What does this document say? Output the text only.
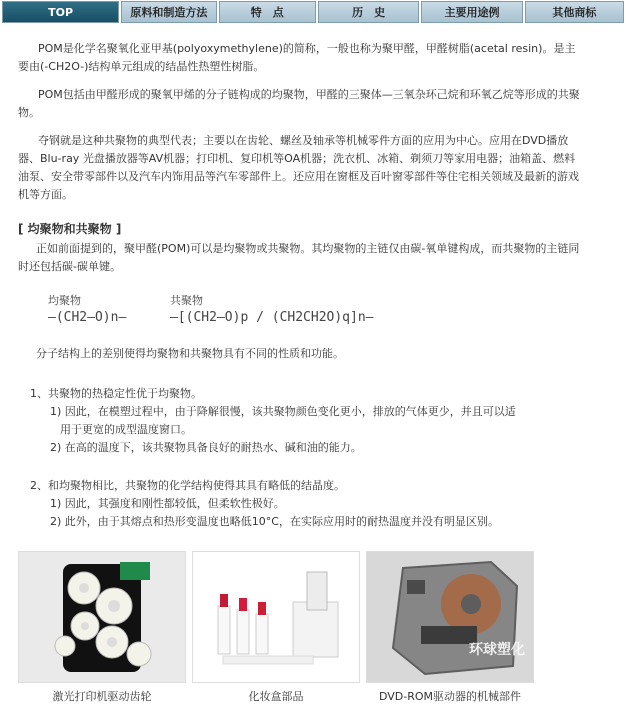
TOP	原料和制造方法	特　点	历　史	主要用途例	其他商标

POM是化学名聚氧化亚甲基(polyoxymethylene)的简称，一般也称为聚甲醛，甲醛树脂(acetal resin)。是主要由(-CH2O-)结构单元组成的结晶性热塑性树脂。

POM包括由甲醛形成的聚氧甲烯的分子链构成的均聚物，甲醛的三聚体—三氧杂环己烷和环氧乙烷等形成的共聚物。

夺钢就是这种共聚物的典型代表；主要以在齿轮、螺丝及轴承等机械零件方面的应用为中心。应用在DVD播放器、Blu-ray 光盘播放器等AV机器；打印机、复印机等OA机器；洗衣机、冰箱、剃须刀等家用电器；油箱盖、燃料油泵、安全带零部件以及汽车内饰用品等汽车零部件上。还应用在窗框及百叶窗零部件等住宅相关领域及最新的游戏机等方面。

[ 均聚物和共聚物 ]

正如前面提到的，聚甲醛(POM)可以是均聚物或共聚物。其均聚物的主链仅由碳-氧单键构成，而共聚物的主链同时还包括碳-碳单键。

均聚物	共聚物
—(CH2—O)n—	—[(CH2—O)p / (CH2CH2O)q]n—
分子结构上的差别使得均聚物和共聚物具有不同的性质和功能。
1、共聚物的热稳定性优于均聚物。
1) 因此，在模塑过程中，由于降解很慢，该共聚物颜色变化更小，排放的气体更少，并且可以适
用于更宽的成型温度窗口。
2) 在高的温度下，该共聚物具备良好的耐热水、碱和油的能力。
2、和均聚物相比，共聚物的化学结构使得其具有略低的结晶度。
1) 因此，其强度和刚性都较低，但柔软性极好。
2) 此外，由于其熔点和热形变温度也略低10°C，在实际应用时的耐热温度并没有明显区别。
激光打印机驱动齿轮	化妆盒部品
环球塑化
DVD-ROM驱动器的机械部件
